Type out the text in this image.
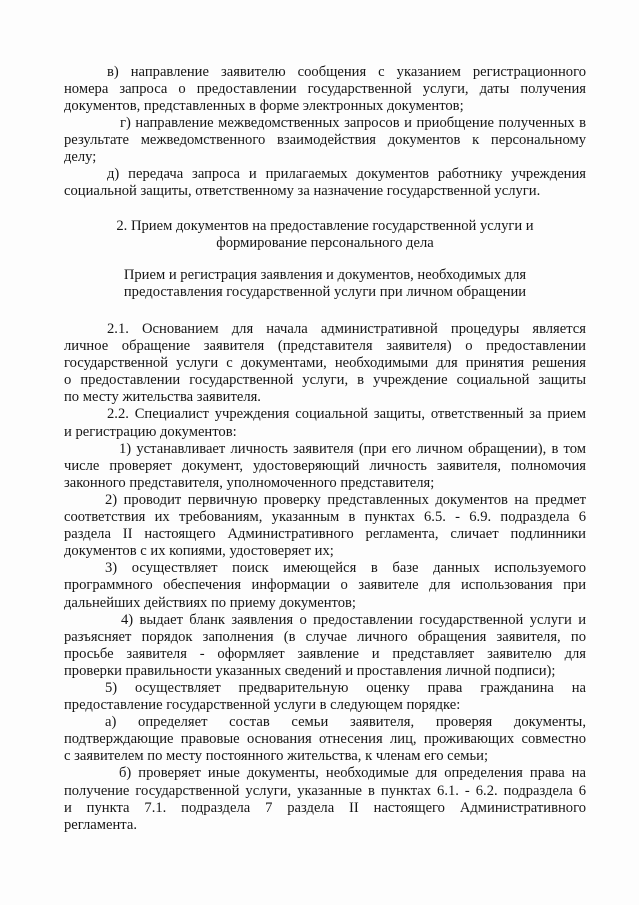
в) направление заявителю сообщения с указанием регистрационного
номера запроса о предоставлении государственной услуги, даты получения
документов, представленных в форме электронных документов;
г) направление межведомственных запросов и приобщение полученных в
результате межведомственного взаимодействия документов к персональному
делу;
д) передача запроса и прилагаемых документов работнику учреждения
социальной защиты, ответственному за назначение государственной услуги.
2. Прием документов на предоставление государственной услуги и
формирование персонального дела
Прием и регистрация заявления и документов, необходимых для
предоставления государственной услуги при личном обращении
2.1. Основанием для начала административной процедуры является
личное обращение заявителя (представителя заявителя) о предоставлении
государственной услуги с документами, необходимыми для принятия решения
о предоставлении государственной услуги, в учреждение социальной защиты
по месту жительства заявителя.
2.2. Специалист учреждения социальной защиты, ответственный за прием
и регистрацию документов:
1) устанавливает личность заявителя (при его личном обращении), в том
числе проверяет документ, удостоверяющий личность заявителя, полномочия
законного представителя, уполномоченного представителя;
2) проводит первичную проверку представленных документов на предмет
соответствия их требованиям, указанным в пунктах 6.5. - 6.9. подраздела 6
раздела II настоящего Административного регламента, сличает подлинники
документов с их копиями, удостоверяет их;
3) осуществляет поиск имеющейся в базе данных используемого
программного обеспечения информации о заявителе для использования при
дальнейших действиях по приему документов;
4) выдает бланк заявления о предоставлении государственной услуги и
разъясняет порядок заполнения (в случае личного обращения заявителя, по
просьбе заявителя - оформляет заявление и представляет заявителю для
проверки правильности указанных сведений и проставления личной подписи);
5) осуществляет предварительную оценку права гражданина на
предоставление государственной услуги в следующем порядке:
а) определяет состав семьи заявителя, проверяя документы,
подтверждающие правовые основания отнесения лиц, проживающих совместно
с заявителем по месту постоянного жительства, к членам его семьи;
б) проверяет иные документы, необходимые для определения права на
получение государственной услуги, указанные в пунктах 6.1. - 6.2. подраздела 6
и пункта 7.1. подраздела 7 раздела II настоящего Административного
регламента.
